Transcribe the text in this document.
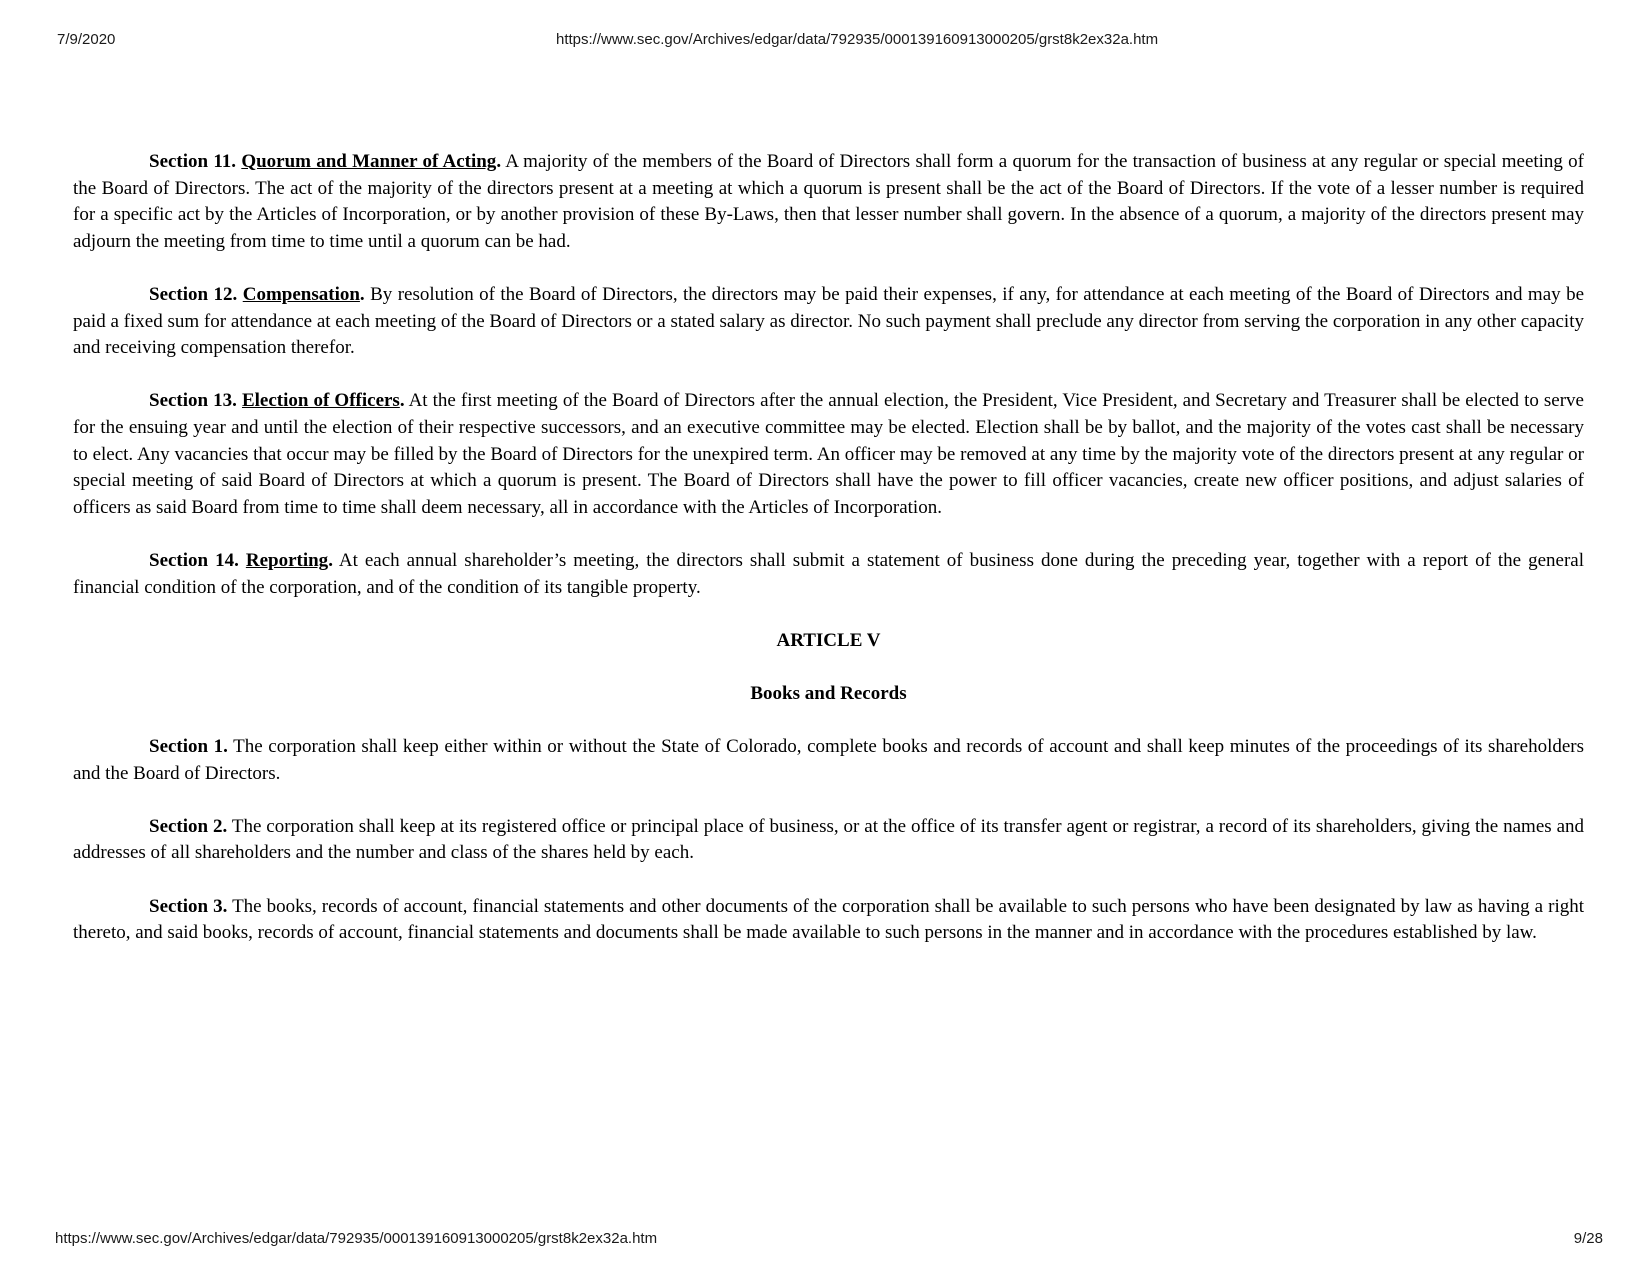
7/9/2020	https://www.sec.gov/Archives/edgar/data/792935/000139160913000205/grst8k2ex32a.htm

Section 11. Quorum and Manner of Acting. A majority of the members of the Board of Directors shall form a quorum for the transaction of business at any regular or special meeting of the Board of Directors. The act of the majority of the directors present at a meeting at which a quorum is present shall be the act of the Board of Directors. If the vote of a lesser number is required for a specific act by the Articles of Incorporation, or by another provision of these By-Laws, then that lesser number shall govern. In the absence of a quorum, a majority of the directors present may adjourn the meeting from time to time until a quorum can be had.

Section 12. Compensation. By resolution of the Board of Directors, the directors may be paid their expenses, if any, for attendance at each meeting of the Board of Directors and may be paid a fixed sum for attendance at each meeting of the Board of Directors or a stated salary as director. No such payment shall preclude any director from serving the corporation in any other capacity and receiving compensation therefor.

Section 13. Election of Officers. At the first meeting of the Board of Directors after the annual election, the President, Vice President, and Secretary and Treasurer shall be elected to serve for the ensuing year and until the election of their respective successors, and an executive committee may be elected. Election shall be by ballot, and the majority of the votes cast shall be necessary to elect. Any vacancies that occur may be filled by the Board of Directors for the unexpired term. An officer may be removed at any time by the majority vote of the directors present at any regular or special meeting of said Board of Directors at which a quorum is present. The Board of Directors shall have the power to fill officer vacancies, create new officer positions, and adjust salaries of officers as said Board from time to time shall deem necessary, all in accordance with the Articles of Incorporation.

Section 14. Reporting. At each annual shareholder’s meeting, the directors shall submit a statement of business done during the preceding year, together with a report of the general financial condition of the corporation, and of the condition of its tangible property.

ARTICLE V

Books and Records

Section 1. The corporation shall keep either within or without the State of Colorado, complete books and records of account and shall keep minutes of the proceedings of its shareholders and the Board of Directors.

Section 2. The corporation shall keep at its registered office or principal place of business, or at the office of its transfer agent or registrar, a record of its shareholders, giving the names and addresses of all shareholders and the number and class of the shares held by each.

Section 3. The books, records of account, financial statements and other documents of the corporation shall be available to such persons who have been designated by law as having a right thereto, and said books, records of account, financial statements and documents shall be made available to such persons in the manner and in accordance with the procedures established by law.

https://www.sec.gov/Archives/edgar/data/792935/000139160913000205/grst8k2ex32a.htm	9/28
